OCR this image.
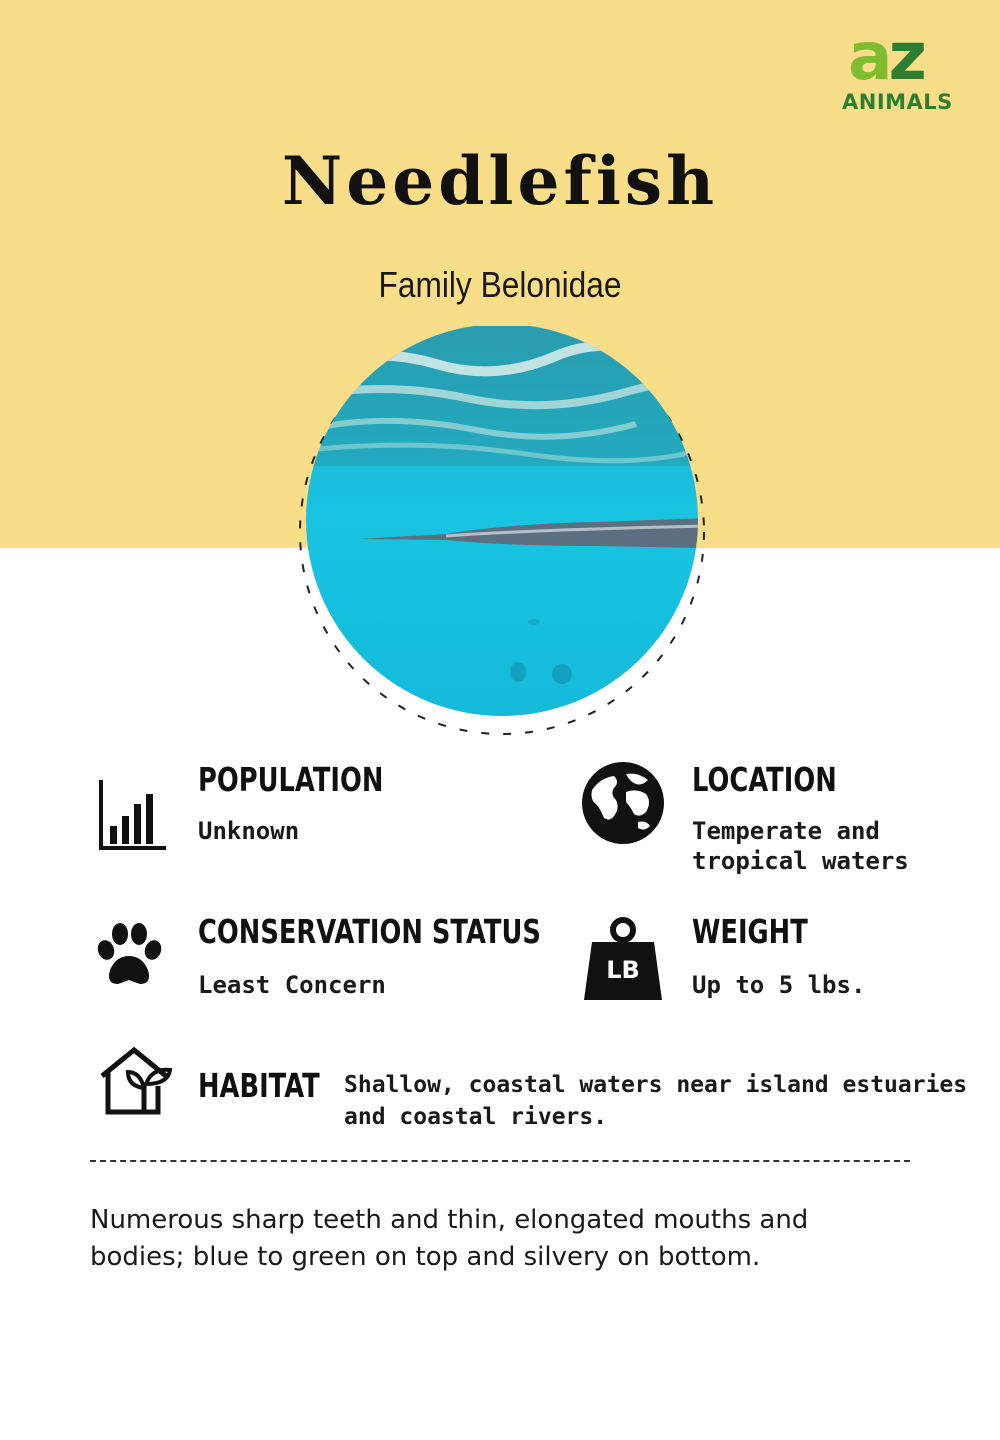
az
ANIMALS
Needlefish
Family Belonidae
POPULATION
Unknown
LOCATION
Temperate and
tropical waters
CONSERVATION STATUS
Least Concern
LB
WEIGHT
Up to 5 lbs.
HABITAT Shallow, coastal waters near island estuaries
and coastal rivers.
Numerous sharp teeth and thin, elongated mouths and bodies; blue to green on top and silvery on bottom.
